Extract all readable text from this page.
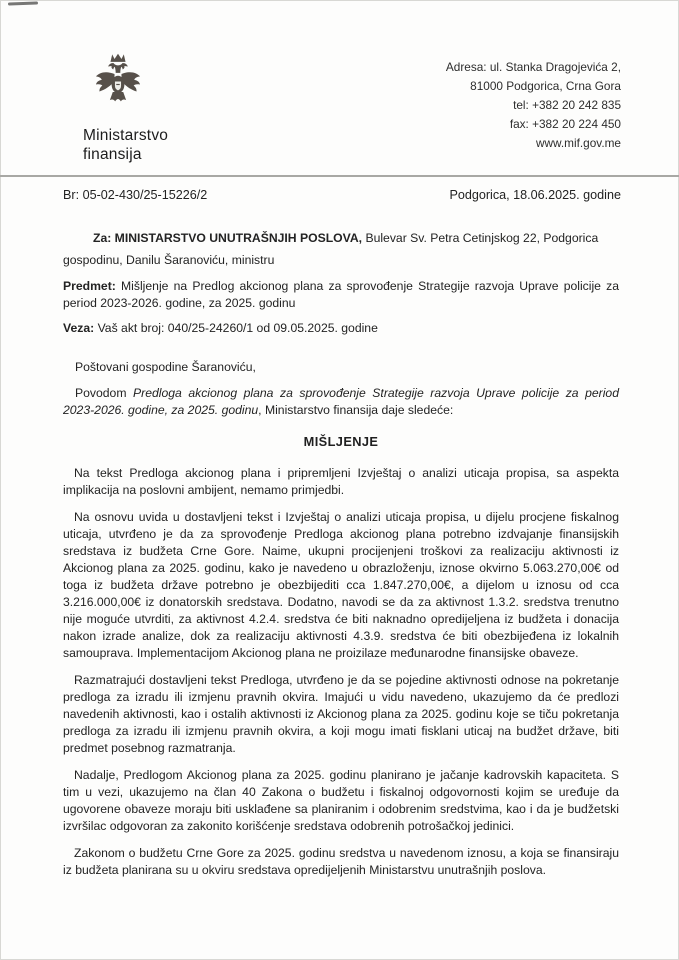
Ministarstvo
finansija
Adresa: ul. Stanka Dragojevića 2,
81000 Podgorica, Crna Gora
tel: +382 20 242 835
fax: +382 20 224 450
www.mif.gov.me
Br: 05-02-430/25-15226/2	Podgorica, 18.06.2025. godine

Za: MINISTARSTVO UNUTRAŠNJIH POSLOVA, Bulevar Sv. Petra Cetinjskog 22, Podgorica

gospodinu, Danilu Šaranoviću, ministru

Predmet: Mišljenje na Predlog akcionog plana za sprovođenje Strategije razvoja Uprave policije za period 2023-2026. godine, za 2025. godinu

Veza: Vaš akt broj: 040/25-24260/1 od 09.05.2025. godine

Poštovani gospodine Šaranoviću,

Povodom Predloga akcionog plana za sprovođenje Strategije razvoja Uprave policije za period 2023-2026. godine, za 2025. godinu, Ministarstvo finansija daje sledeće:

MIŠLJENJE

Na tekst Predloga akcionog plana i pripremljeni Izvještaj o analizi uticaja propisa, sa aspekta implikacija na poslovni ambijent, nemamo primjedbi.

Na osnovu uvida u dostavljeni tekst i Izvještaj o analizi uticaja propisa, u dijelu procjene fiskalnog uticaja, utvrđeno je da za sprovođenje Predloga akcionog plana potrebno izdvajanje finansijskih sredstava iz budžeta Crne Gore. Naime, ukupni procijenjeni troškovi za realizaciju aktivnosti iz Akcionog plana za 2025. godinu, kako je navedeno u obrazloženju, iznose okvirno 5.063.270,00€ od toga iz budžeta države potrebno je obezbijediti cca 1.847.270,00€, a dijelom u iznosu od cca 3.216.000,00€ iz donatorskih sredstava. Dodatno, navodi se da za aktivnost 1.3.2. sredstva trenutno nije moguće utvrditi, za aktivnost 4.2.4. sredstva će biti naknadno opredijeljena iz budžeta i donacija nakon izrade analize, dok za realizaciju aktivnosti 4.3.9. sredstva će biti obezbijeđena iz lokalnih samouprava. Implementacijom Akcionog plana ne proizilaze međunarodne finansijske obaveze.

Razmatrajući dostavljeni tekst Predloga, utvrđeno je da se pojedine aktivnosti odnose na pokretanje predloga za izradu ili izmjenu pravnih okvira. Imajući u vidu navedeno, ukazujemo da će predlozi navedenih aktivnosti, kao i ostalih aktivnosti iz Akcionog plana za 2025. godinu koje se tiču pokretanja predloga za izradu ili izmjenu pravnih okvira, a koji mogu imati fisklani uticaj na budžet države, biti predmet posebnog razmatranja.

Nadalje, Predlogom Akcionog plana za 2025. godinu planirano je jačanje kadrovskih kapaciteta. S tim u vezi, ukazujemo na član 40 Zakona o budžetu i fiskalnoj odgovornosti kojim se uređuje da ugovorene obaveze moraju biti usklađene sa planiranim i odobrenim sredstvima, kao i da je budžetski izvršilac odgovoran za zakonito korišćenje sredstava odobrenih potrošačkoj jedinici.

Zakonom o budžetu Crne Gore za 2025. godinu sredstva u navedenom iznosu, a koja se finansiraju iz budžeta planirana su u okviru sredstava opredijeljenih Ministarstvu unutrašnjih poslova.
